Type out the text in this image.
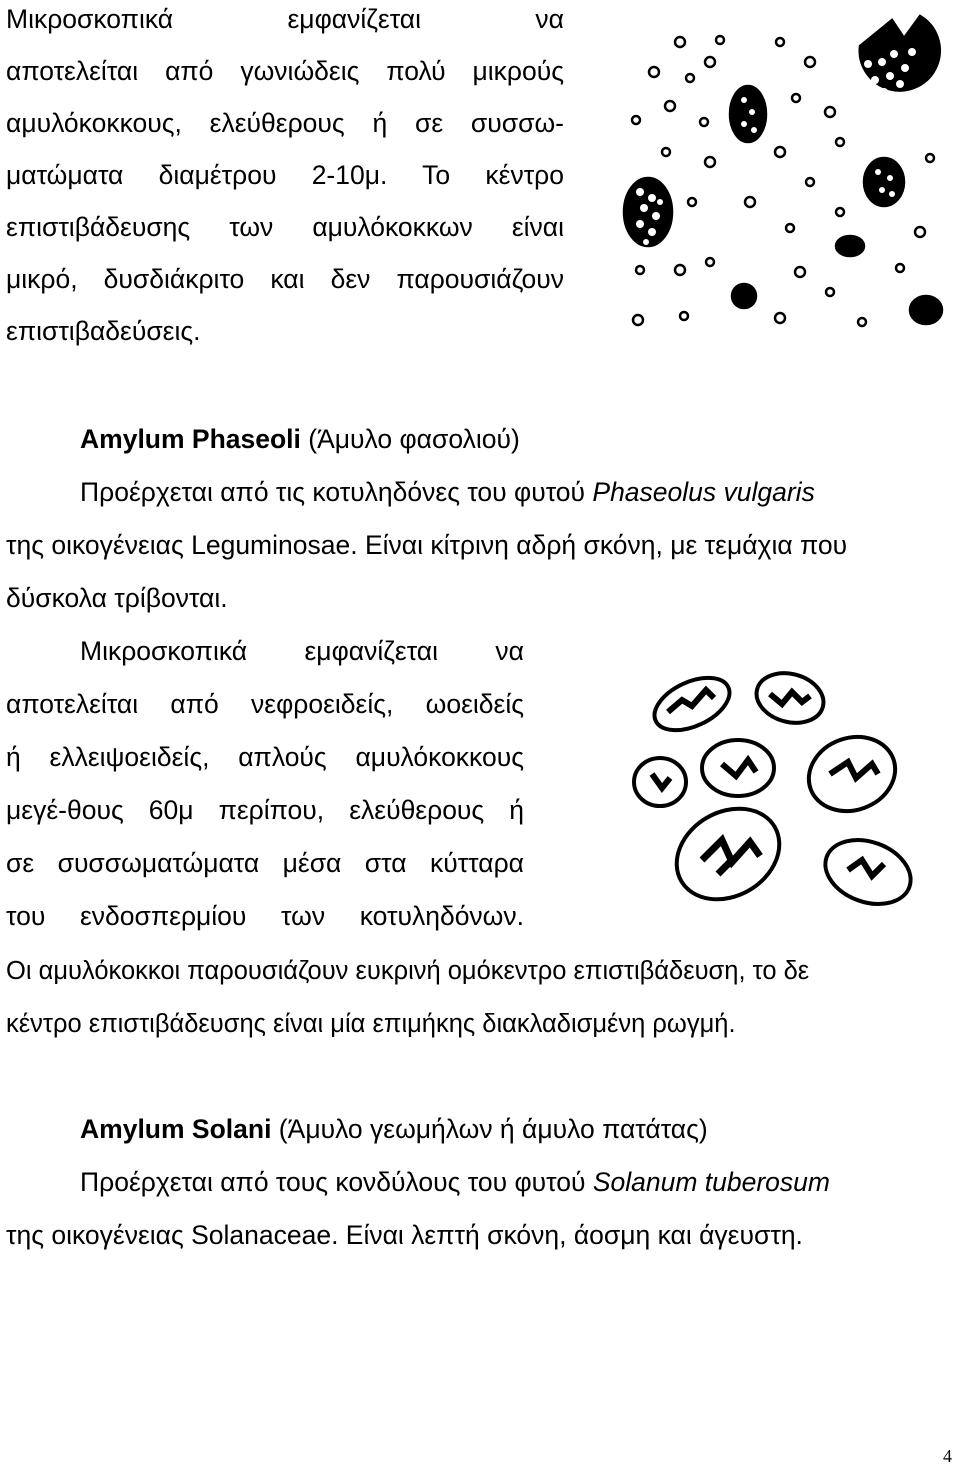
Μικροσκοπικά εμφανίζεται να

αποτελείται από γωνιώδεις πολύ μικρούς

αμυλόκοκκους, ελεύθερους ή σε συσσω-

ματώματα διαμέτρου 2-10μ. Το κέντρο

επιστιβάδευσης των αμυλόκοκκων είναι

μικρό, δυσδιάκριτο και δεν παρουσιάζουν

επιστιβαδεύσεις.

Amylum Phaseoli (Άμυλο φασολιού)

Προέρχεται από τις κοτυληδόνες του φυτού Phaseolus vulgaris

της οικογένειας Leguminosae. Είναι κίτρινη αδρή σκόνη, με τεμάχια που

δύσκολα τρίβονται.

Μικροσκοπικά εμφανίζεται να

αποτελείται από νεφροειδείς, ωοειδείς

ή ελλειψοειδείς, απλούς αμυλόκοκκους

μεγέ-θους 60μ περίπου, ελεύθερους ή

σε συσσωματώματα μέσα στα κύτταρα

του ενδοσπερμίου των κοτυληδόνων.

Οι αμυλόκοκκοι παρουσιάζουν ευκρινή ομόκεντρο επιστιβάδευση, το δε

κέντρο επιστιβάδευσης είναι μία επιμήκης διακλαδισμένη ρωγμή.

Amylum Solani (Άμυλο γεωμήλων ή άμυλο πατάτας)

Προέρχεται από τους κονδύλους του φυτού Solanum tuberosum

της οικογένειας Solanaceae. Είναι λεπτή σκόνη, άοσμη και άγευστη.

4
